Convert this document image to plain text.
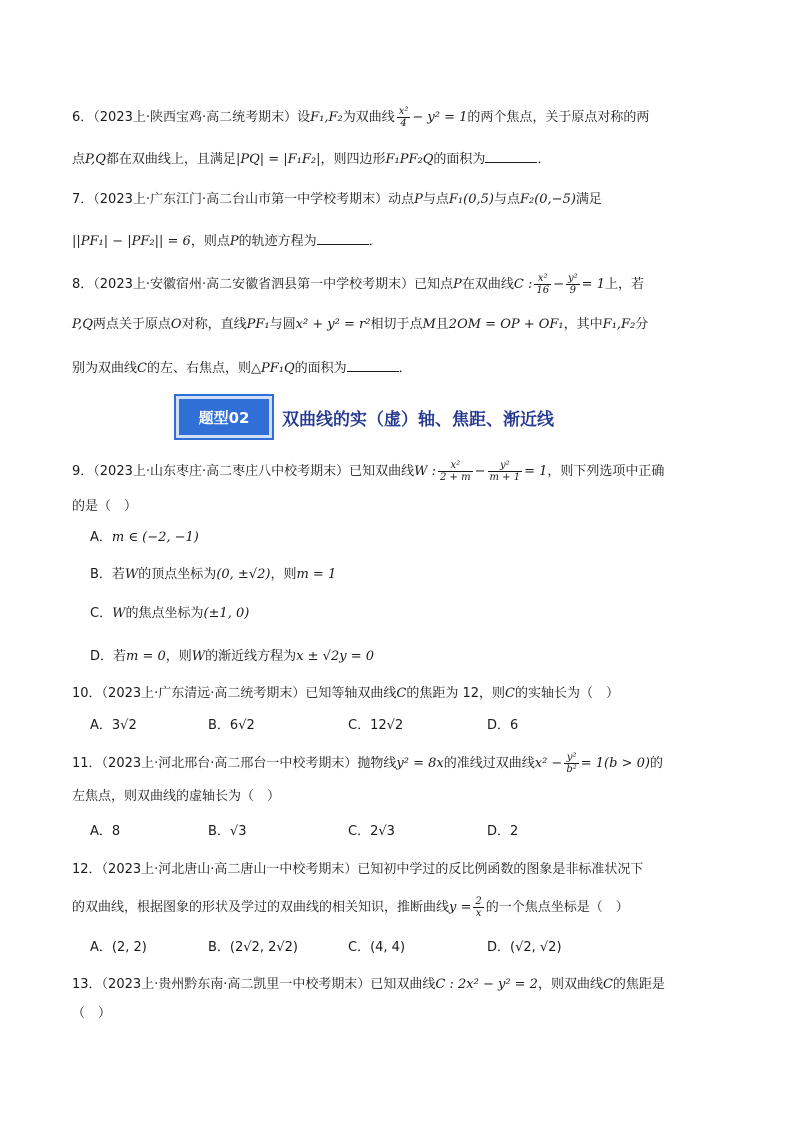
6．（2023上·陕西宝鸡·高二统考期末）设F₁,F₂为双曲线 $\frac{\text{x²}}{4} - y^2 = 1$的两个焦点，关于原点对称的两
点P,Q都在双曲线上，且满足|PQ| = |F₁F₂|，则四边形F₁PF₂Q的面积为	．
7．（2023上·广东江门·高二台山市第一中学校考期末）动点P与点F₁(0,5)与点F₂(0,−5)满足
||PF₁| − |PF₂|| = 6，则点P的轨迹方程为	．
8．（2023上·安徽宿州·高二安徽省泗县第一中学校考期末）已知点P在双曲线C : $\frac{\text{x²}}{16} - \frac{\text{y²}}{9} = 1$上，若
P,Q两点关于原点O对称，直线PF₁与圆x² + y² = r²相切于点M且2OM = OP + OF₁，其中F₁,F₂分
别为双曲线C的左、右焦点，则△PF₁Q的面积为	．
题型02	双曲线的实（虚）轴、焦距、渐近线
9．（2023上·山东枣庄·高二枣庄八中校考期末）已知双曲线W : $\frac{\text{x²}}{2 + m} - \frac{\text{y²}}{m + 1} = 1$，则下列选项中正确
的是（　）
A．m ∈ (−2, −1)
B．若W的顶点坐标为(0, ±√2)，则m = 1
C．W的焦点坐标为(±1, 0)
D．若m = 0，则W的渐近线方程为x ± √2y = 0
10．（2023上·广东清远·高二统考期末）已知等轴双曲线C的焦距为 12，则C的实轴长为（　）
A．3√2	B．6√2	C．12√2	D．6
11．（2023上·河北邢台·高二邢台一中校考期末）抛物线y² = 8x的准线过双曲线$x^2 - \frac{\text{y²}}{\text{b²}} = 1(b > 0)$的
左焦点，则双曲线的虚轴长为（　）
A．8	B．√3	C．2√3	D．2
12．（2023上·河北唐山·高二唐山一中校考期末）已知初中学过的反比例函数的图象是非标准状况下
的双曲线，根据图象的形状及学过的双曲线的相关知识，推断曲线$y = \frac{2}{x}$ 的一个焦点坐标是（　）
A．(2, 2)	B．(2√2, 2√2)	C．(4, 4)	D．(√2, √2)
13．（2023上·贵州黔东南·高二凯里一中校考期末）已知双曲线C : 2x² − y² = 2，则双曲线C的焦距是
（　）
